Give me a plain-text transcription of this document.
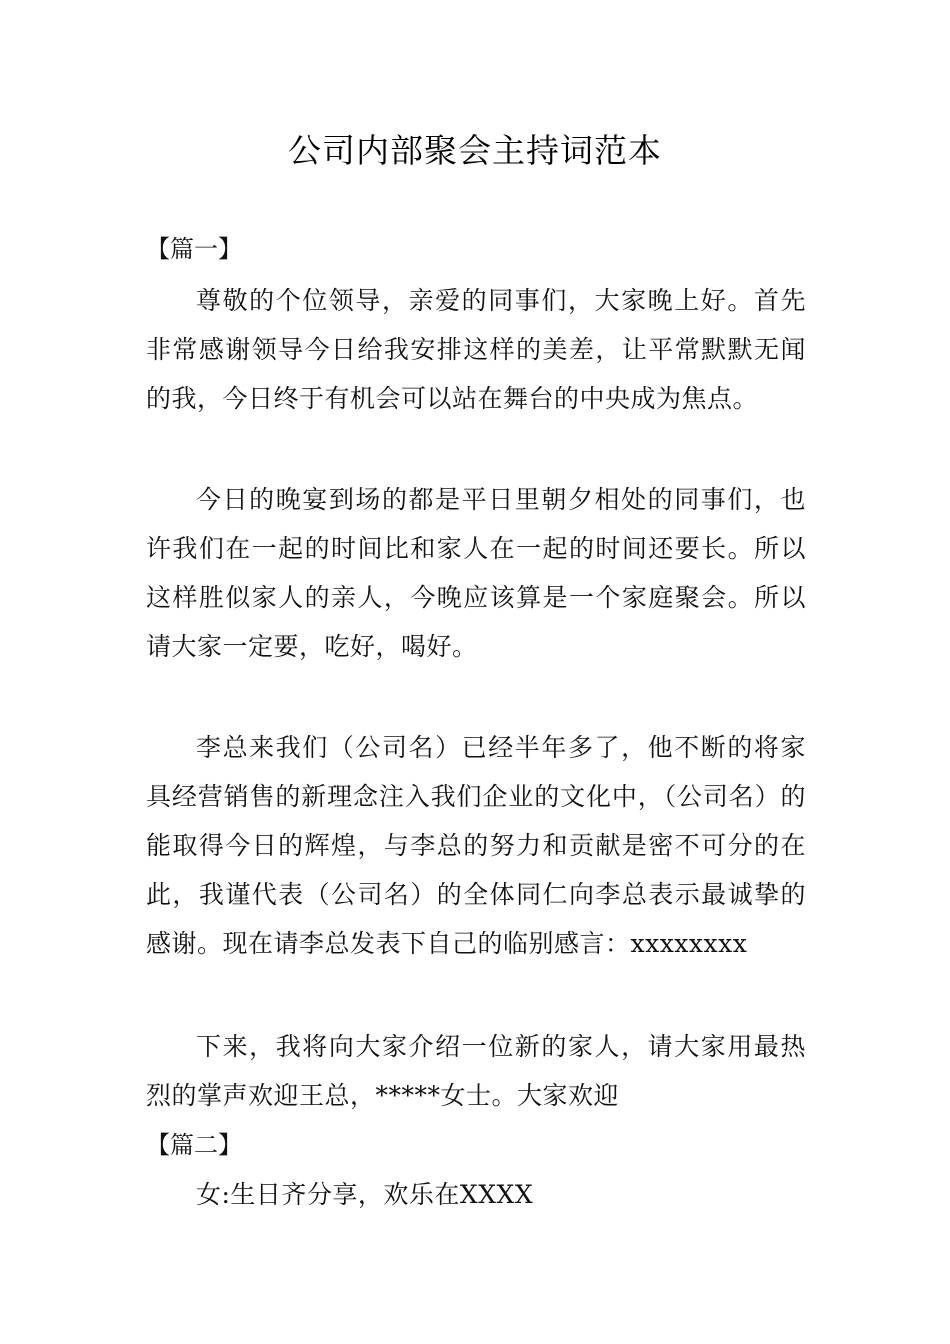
公司内部聚会主持词范本
【篇一】

尊敬的个位领导，亲爱的同事们，大家晚上好。首先非常感谢领导今日给我安排这样的美差，让平常默默无闻的我，今日终于有机会可以站在舞台的中央成为焦点。

今日的晚宴到场的都是平日里朝夕相处的同事们，也许我们在一起的时间比和家人在一起的时间还要长。所以这样胜似家人的亲人，今晚应该算是一个家庭聚会。所以请大家一定要，吃好，喝好。

李总来我们（公司名）已经半年多了，他不断的将家具经营销售的新理念注入我们企业的文化中，（公司名）的能取得今日的辉煌，与李总的努力和贡献是密不可分的在此，我谨代表（公司名）的全体同仁向李总表示最诚挚的感谢。现在请李总发表下自己的临别感言：xxxxxxxx

下来，我将向大家介绍一位新的家人，请大家用最热烈的掌声欢迎王总，*****女士。大家欢迎

【篇二】

女:生日齐分享，欢乐在XXXX
